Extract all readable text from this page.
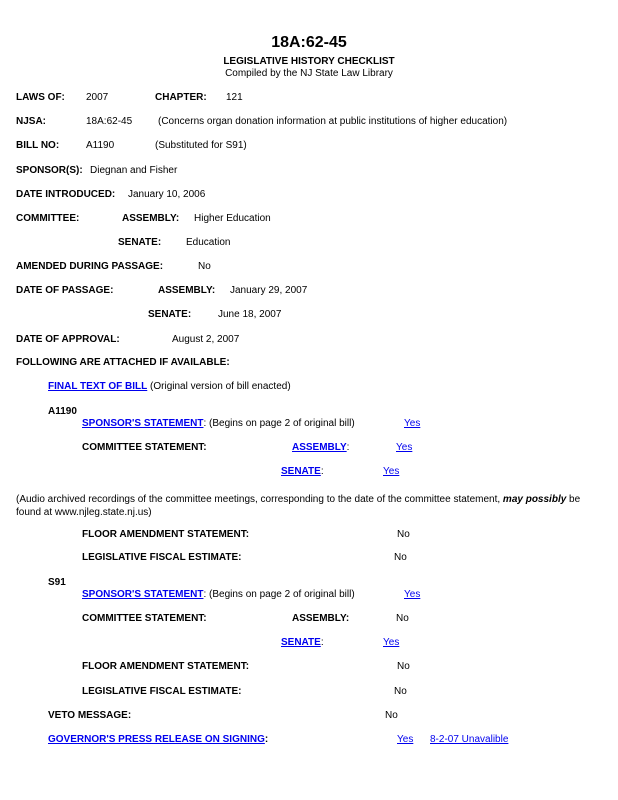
18A:62-45
LEGISLATIVE HISTORY CHECKLIST
Compiled by the NJ State Law Library
LAWS OF: 2007	CHAPTER: 121
NJSA:	18A:62-45	(Concerns organ donation information at public institutions of higher education)
BILL NO:	A1190	(Substituted for S91)
SPONSOR(S): Diegnan and Fisher
DATE INTRODUCED: January 10, 2006
COMMITTEE:	ASSEMBLY: Higher Education
SENATE: Education
AMENDED DURING PASSAGE:	No
DATE OF PASSAGE:	ASSEMBLY: January 29, 2007
SENATE:	June 18, 2007
DATE OF APPROVAL:	August 2, 2007
FOLLOWING ARE ATTACHED IF AVAILABLE:
FINAL TEXT OF BILL (Original version of bill enacted)
A1190
SPONSOR'S STATEMENT: (Begins on page 2 of original bill)	Yes
COMMITTEE STATEMENT:	ASSEMBLY:	Yes
SENATE:	Yes
(Audio archived recordings of the committee meetings, corresponding to the date of the committee statement, may possibly be found at www.njleg.state.nj.us)
FLOOR AMENDMENT STATEMENT:	No
LEGISLATIVE FISCAL ESTIMATE:	No
S91
SPONSOR'S STATEMENT: (Begins on page 2 of original bill)	Yes
COMMITTEE STATEMENT:	ASSEMBLY:	No
SENATE:	Yes
FLOOR AMENDMENT STATEMENT:	No
LEGISLATIVE FISCAL ESTIMATE:	No
VETO MESSAGE:	No
GOVERNOR'S PRESS RELEASE ON SIGNING:	Yes 8-2-07 Unavalible
